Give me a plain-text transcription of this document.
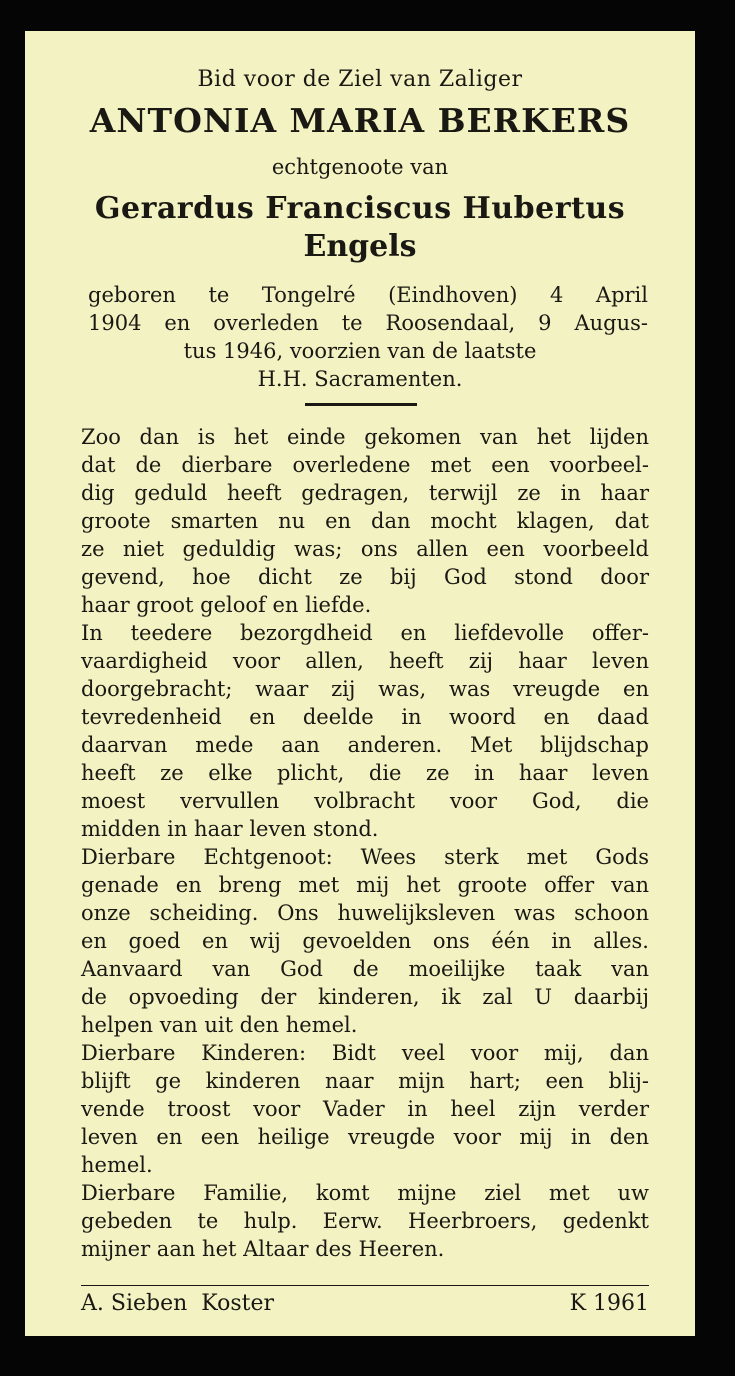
Bid voor de Ziel van Zaliger
ANTONIA MARIA BERKERS
echtgenoote van
Gerardus Franciscus Hubertus
Engels
geboren te Tongelré (Eindhoven) 4 April
1904 en overleden te Roosendaal, 9 Augus-
tus 1946, voorzien van de laatste
H.H. Sacramenten.
Zoo dan is het einde gekomen van het lijden
dat de dierbare overledene met een voorbeel-
dig geduld heeft gedragen, terwijl ze in haar
groote smarten nu en dan mocht klagen, dat
ze niet geduldig was; ons allen een voorbeeld
gevend, hoe dicht ze bij God stond door
haar groot geloof en liefde.
In teedere bezorgdheid en liefdevolle offer-
vaardigheid voor allen, heeft zij haar leven
doorgebracht; waar zij was, was vreugde en
tevredenheid en deelde in woord en daad
daarvan mede aan anderen. Met blijdschap
heeft ze elke plicht, die ze in haar leven
moest vervullen volbracht voor God, die
midden in haar leven stond.
Dierbare Echtgenoot: Wees sterk met Gods
genade en breng met mij het groote offer van
onze scheiding. Ons huwelijksleven was schoon
en goed en wij gevoelden ons één in alles.
Aanvaard van God de moeilijke taak van
de opvoeding der kinderen, ik zal U daarbij
helpen van uit den hemel.
Dierbare Kinderen: Bidt veel voor mij, dan
blijft ge kinderen naar mijn hart; een blij-
vende troost voor Vader in heel zijn verder
leven en een heilige vreugde voor mij in den
hemel.
Dierbare Familie, komt mijne ziel met uw
gebeden te hulp. Eerw. Heerbroers, gedenkt
mijner aan het Altaar des Heeren.
A. Sieben  Koster	K 1961
